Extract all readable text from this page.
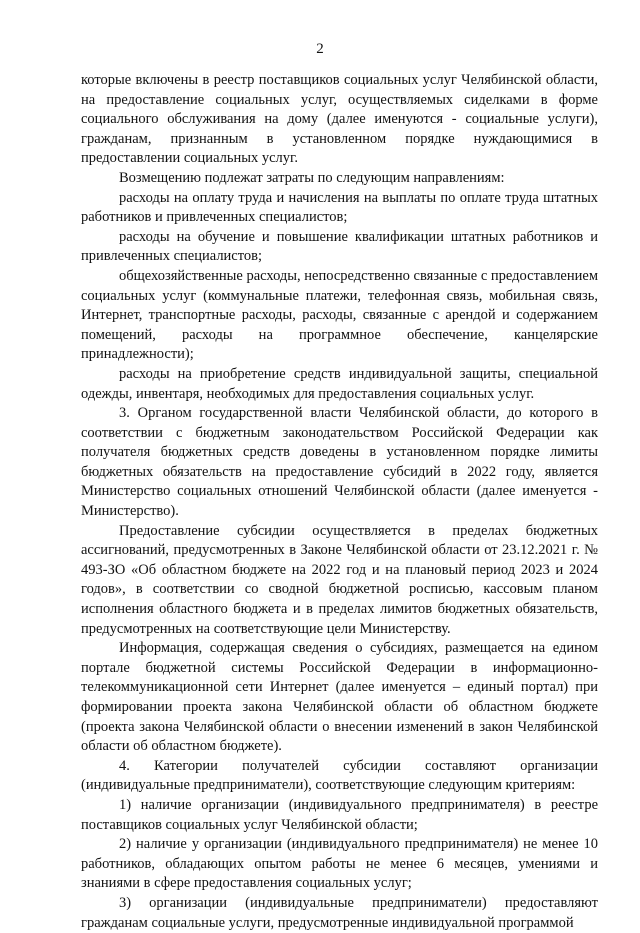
2

которые включены в реестр поставщиков социальных услуг Челябинской области, на предоставление социальных услуг, осуществляемых сиделками в форме социального обслуживания на дому (далее именуются - социальные услуги), гражданам, признанным в установленном порядке нуждающимися в предоставлении социальных услуг.

Возмещению подлежат затраты по следующим направлениям:

расходы на оплату труда и начисления на выплаты по оплате труда штатных работников и привлеченных специалистов;

расходы на обучение и повышение квалификации штатных работников и привлеченных специалистов;

общехозяйственные расходы, непосредственно связанные с предоставлением социальных услуг (коммунальные платежи, телефонная связь, мобильная связь, Интернет, транспортные расходы, расходы, связанные с арендой и содержанием помещений, расходы на программное обеспечение, канцелярские принадлежности);

расходы на приобретение средств индивидуальной защиты, специальной одежды, инвентаря, необходимых для предоставления социальных услуг.

3. Органом государственной власти Челябинской области, до которого в соответствии с бюджетным законодательством Российской Федерации как получателя бюджетных средств доведены в установленном порядке лимиты бюджетных обязательств на предоставление субсидий в 2022 году, является Министерство социальных отношений Челябинской области (далее именуется - Министерство).

Предоставление субсидии осуществляется в пределах бюджетных ассигнований, предусмотренных в Законе Челябинской области от 23.12.2021 г. № 493-ЗО «Об областном бюджете на 2022 год и на плановый период 2023 и 2024 годов», в соответствии со сводной бюджетной росписью, кассовым планом исполнения областного бюджета и в пределах лимитов бюджетных обязательств, предусмотренных на соответствующие цели Министерству.

Информация, содержащая сведения о субсидиях, размещается на едином портале бюджетной системы Российской Федерации в информационно-телекоммуникационной сети Интернет (далее именуется – единый портал) при формировании проекта закона Челябинской области об областном бюджете (проекта закона Челябинской области о внесении изменений в закон Челябинской области об областном бюджете).

4. Категории получателей субсидии составляют организации (индивидуальные предприниматели), соответствующие следующим критериям:

1) наличие организации (индивидуального предпринимателя) в реестре поставщиков социальных услуг Челябинской области;

2) наличие у организации (индивидуального предпринимателя) не менее 10 работников, обладающих опытом работы не менее 6 месяцев, умениями и знаниями в сфере предоставления социальных услуг;

3) организации (индивидуальные предприниматели) предоставляют гражданам социальные услуги, предусмотренные индивидуальной программой
